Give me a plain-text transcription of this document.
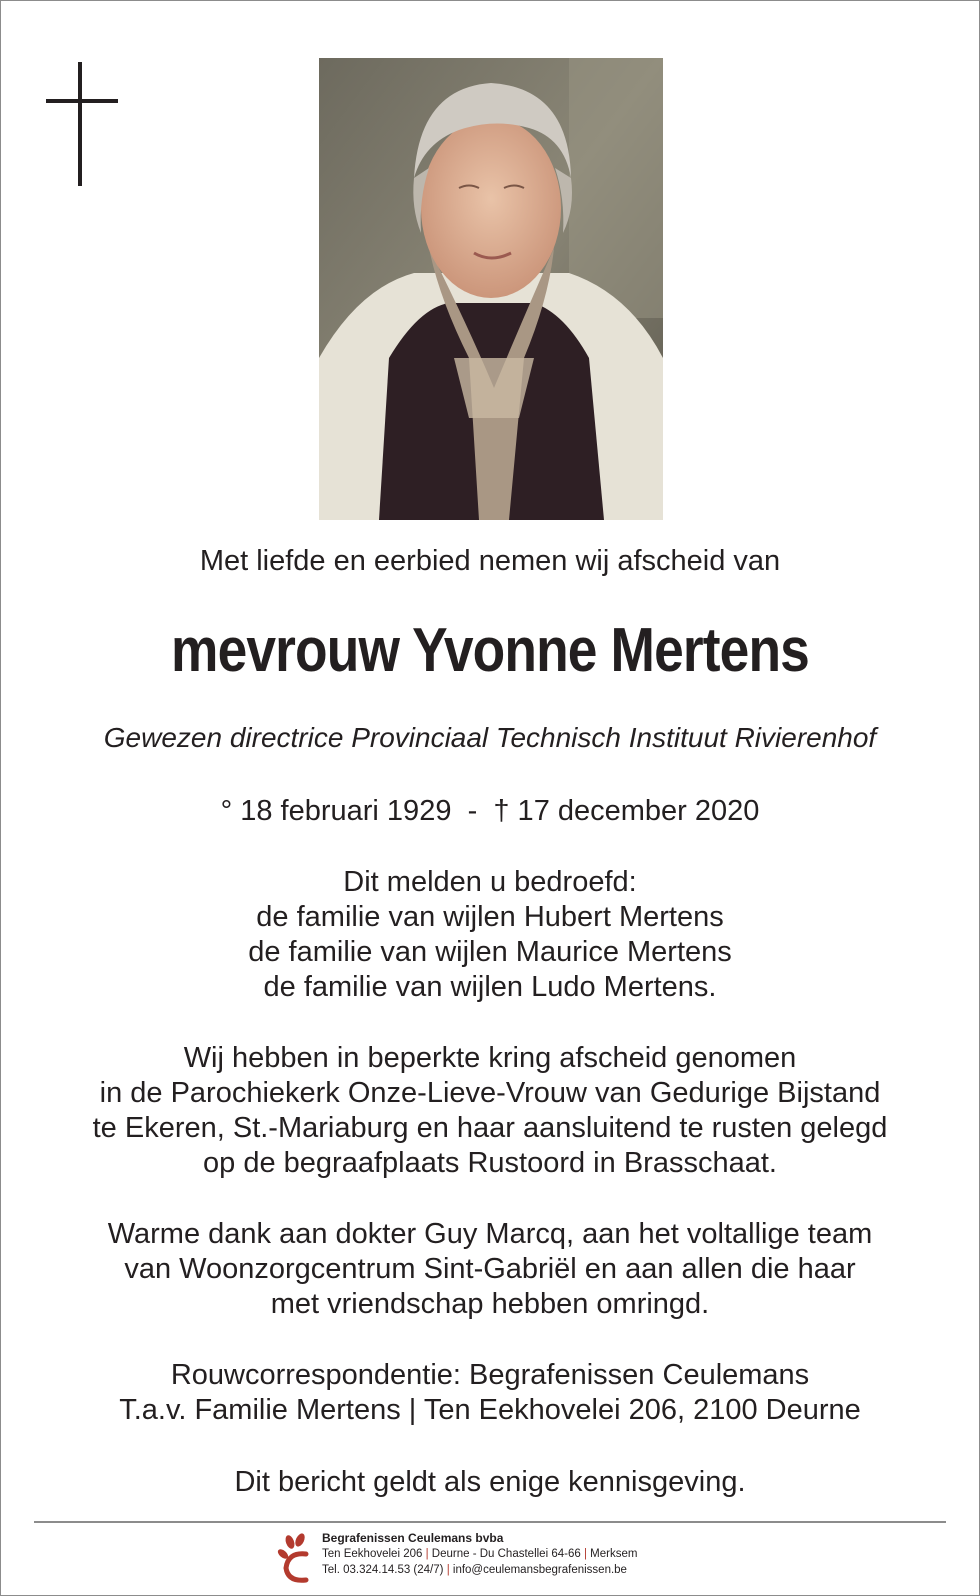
Met liefde en eerbied nemen wij afscheid van
mevrouw Yvonne Mertens
Gewezen directrice Provinciaal Technisch Instituut Rivierenhof
° 18 februari 1929 - † 17 december 2020
Dit melden u bedroefd:
de familie van wijlen Hubert Mertens
de familie van wijlen Maurice Mertens
de familie van wijlen Ludo Mertens.
Wij hebben in beperkte kring afscheid genomen
in de Parochiekerk Onze-Lieve-Vrouw van Gedurige Bijstand
te Ekeren, St.-Mariaburg en haar aansluitend te rusten gelegd
op de begraafplaats Rustoord in Brasschaat.
Warme dank aan dokter Guy Marcq, aan het voltallige team
van Woonzorgcentrum Sint-Gabriël en aan allen die haar
met vriendschap hebben omringd.
Rouwcorrespondentie: Begrafenissen Ceulemans
T.a.v. Familie Mertens | Ten Eekhovelei 206, 2100 Deurne
Dit bericht geldt als enige kennisgeving.
Begrafenissen Ceulemans bvba
Ten Eekhovelei 206 | Deurne - Du Chastellei 64-66 | Merksem
Tel. 03.324.14.53 (24/7) | info@ceulemansbegrafenissen.be
